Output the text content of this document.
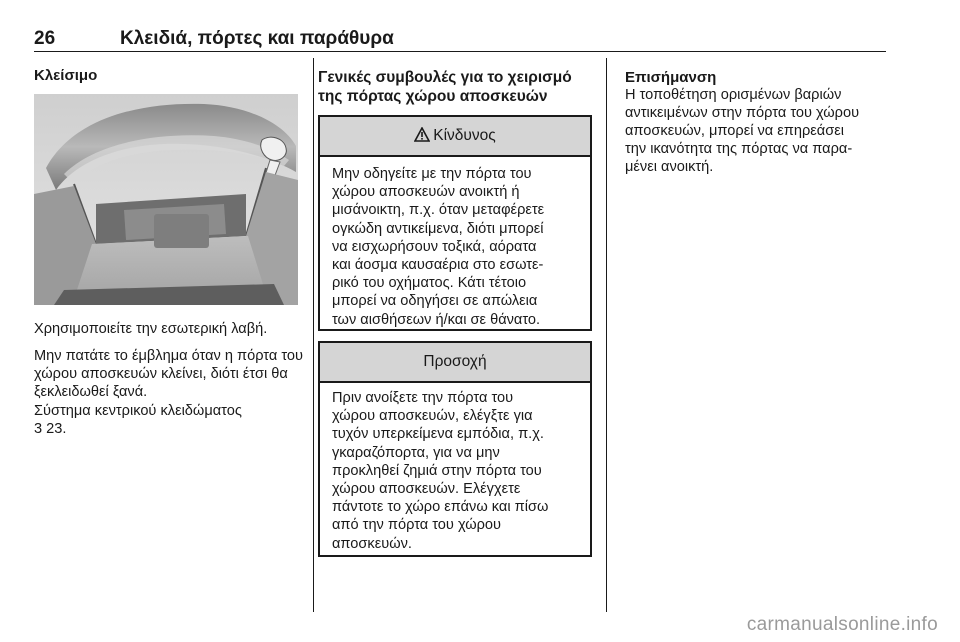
26	Κλειδιά, πόρτες και παράθυρα
Κλείσιμο
Χρησιμοποιείτε την εσωτερική λαβή.
Μην πατάτε το έμβλημα όταν η πόρτα του χώρου αποσκευών κλείνει, διότι έτσι θα ξεκλειδωθεί ξανά.
Σύστημα κεντρικού κλειδώματος
3 23.
Γενικές συμβουλές για το χειρισμό
της πόρτας χώρου αποσκευών
Κίνδυνος
Μην οδηγείτε με την πόρτα του
χώρου αποσκευών ανοικτή ή
μισάνοικτη, π.χ. όταν μεταφέρετε
ογκώδη αντικείμενα, διότι μπορεί
να εισχωρήσουν τοξικά, αόρατα
και άοσμα καυσαέρια στο εσωτε-
ρικό του οχήματος. Κάτι τέτοιο
μπορεί να οδηγήσει σε απώλεια
των αισθήσεων ή/και σε θάνατο.
Προσοχή
Πριν ανοίξετε την πόρτα του
χώρου αποσκευών, ελέγξτε για
τυχόν υπερκείμενα εμπόδια, π.χ.
γκαραζόπορτα, για να μην
προκληθεί ζημιά στην πόρτα του
χώρου αποσκευών. Ελέγχετε
πάντοτε το χώρο επάνω και πίσω
από την πόρτα του χώρου
αποσκευών.
Επισήμανση
Η τοποθέτηση ορισμένων βαριών
αντικειμένων στην πόρτα του χώρου
αποσκευών, μπορεί να επηρεάσει
την ικανότητα της πόρτας να παρα-
μένει ανοικτή.
carmanualsonline.info
